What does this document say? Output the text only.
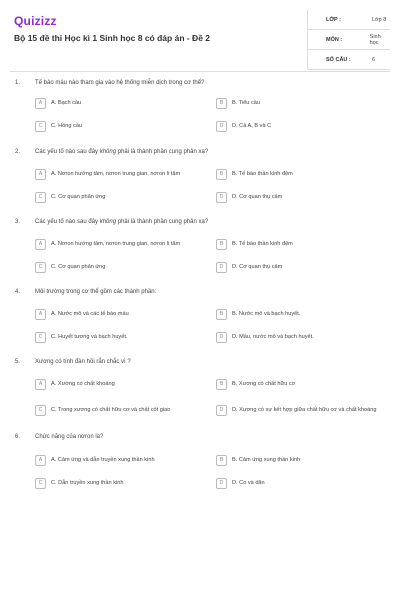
Quizizz
Bộ 15 đề thi Học kì 1 Sinh học 8 có đáp án - Đề 2
LỚP :	Lớp 8
MÔN :	Sinh học
SỐ CÂU :	6
1. Tế bào máu nào tham gia vào hệ thống miễn dịch trong cơ thể?
A	A. Bạch cầu	B	B. Tiểu cầu
C	C. Hồng cầu	D	D. Cả A, B và C
2. Các yếu tố nào sau đây không phải là thành phần cung phản xạ?
A	A. Nơron hướng tâm, nơron trung gian, nơron li tâm	B	B. Tế bào thần kinh đệm
C	C. Cơ quan phản ứng	D	D. Cơ quan thụ cảm
3. Các yếu tố nào sau đây không phải là thành phần cung phản xạ?
A	A. Nơron hướng tâm, nơron trung gian, nơron li tâm	B	B. Tế bào thần kinh đệm
C	C. Cơ quan phản ứng	D	D. Cơ quan thụ cảm
4. Môi trường trong cơ thể gồm các thành phần:
A	A. Nước mô và các tế bào máu	B	B. Nước mô và bạch huyết.
C	C. Huyết tương và bạch huyết.	D	D. Máu, nước mô và bạch huyết.
5. Xương có tính đàn hồi rắn chắc vì ?
A	A. Xương có chất khoáng	B	B. Xương có chất hữu cơ
C	C. Trong xương có chất hữu cơ và chất cốt giao	D	D. Xương có sự kết hợp giữa chất hữu cơ và chất khoáng
6. Chức năng của nơron là?
A	A. Cảm ứng và dẫn truyền xung thần kinh	B	B. Cảm ứng xung thần kinh
C	C. Dẫn truyền xung thần kinh	D	D. Co và dãn
